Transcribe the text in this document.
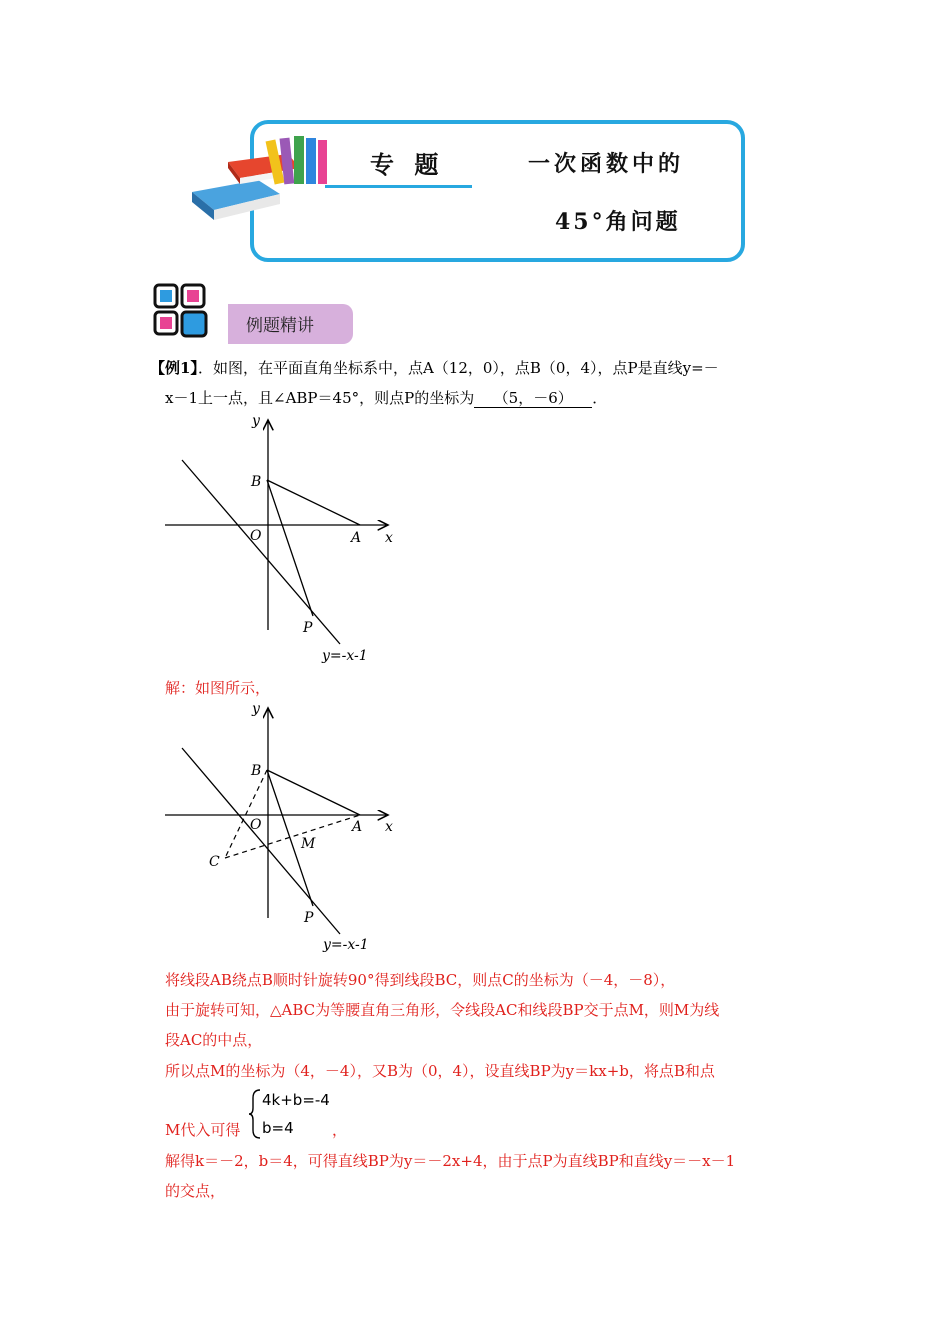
专 题	一次函数中的
45°角问题
例题精讲
【例1】．如图，在平面直角坐标系中，点A（12，0），点B（0，4），点P是直线y=－
x－1上一点，且∠ABP＝45°，则点P的坐标为 （5，－6） ．
y
x
B
O	A
P
y=-x-1
解：如图所示，
y
x
B
O	A
C
M
P
y=-x-1
将线段AB绕点B顺时针旋转90°得到线段BC，则点C的坐标为（－4，－8），
由于旋转可知，△ABC为等腰直角三角形，令线段AC和线段BP交于点M，则M为线
段AC的中点，
所以点M的坐标为（4，－4），又B为（0，4），设直线BP为y＝kx+b，将点B和点
4k+b=-4
b=4
M代入可得	，
解得k＝－2，b＝4，可得直线BP为y＝－2x+4，由于点P为直线BP和直线y＝－x－1
的交点，
